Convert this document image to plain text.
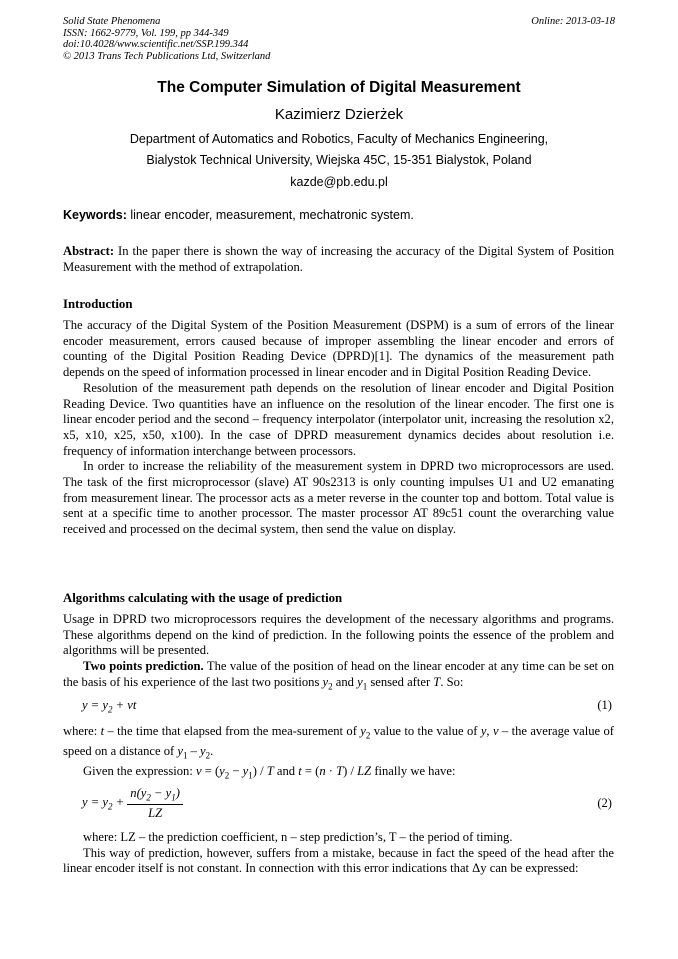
Solid State Phenomena
ISSN: 1662-9779, Vol. 199, pp 344-349
doi:10.4028/www.scientific.net/SSP.199.344
© 2013 Trans Tech Publications Ltd, Switzerland
Online: 2013-03-18
The Computer Simulation of Digital Measurement
Kazimierz Dzierżek
Department of Automatics and Robotics, Faculty of Mechanics Engineering,
Bialystok Technical University, Wiejska 45C, 15-351 Bialystok, Poland
kazde@pb.edu.pl
Keywords: linear encoder, measurement, mechatronic system.
Abstract: In the paper there is shown the way of increasing the accuracy of the Digital System of Position Measurement with the method of extrapolation.
Introduction

The accuracy of the Digital System of the Position Measurement (DSPM) is a sum of errors of the linear encoder measurement, errors caused because of improper assembling the linear encoder and errors of counting of the Digital Position Reading Device (DPRD)[1]. The dynamics of the measurement path depends on the speed of information processed in linear encoder and in Digital Position Reading Device.

Resolution of the measurement path depends on the resolution of linear encoder and Digital Position Reading Device. Two quantities have an influence on the resolution of the linear encoder. The first one is linear encoder period and the second – frequency interpolator (interpolator unit, increasing the resolution x2, x5, x10, x25, x50, x100). In the case of DPRD measurement dynamics decides about resolution i.e. frequency of information interchange between processors.

In order to increase the reliability of the measurement system in DPRD two microprocessors are used. The task of the first microprocessor (slave) AT 90s2313 is only counting impulses U1 and U2 emanating from measurement linear. The processor acts as a meter reverse in the counter top and bottom. Total value is sent at a specific time to another processor. The master processor AT 89c51 count the overarching value received and processed on the decimal system, then send the value on display.

Algorithms calculating with the usage of prediction

Usage in DPRD two microprocessors requires the development of the necessary algorithms and programs. These algorithms depend on the kind of prediction. In the following points the essence of the problem and algorithms will be presented.

Two points prediction. The value of the position of head on the linear encoder at any time can be set on the basis of his experience of the last two positions $y_2$ and $y_1$ sensed after T. So:

$y = y_2$ + vt	(1)

where: t – the time that elapsed from the mea-surement of $y_2$ value to the value of y, v – the average value of speed on a distance of $y_1 - y_2$.

Given the expression: $v = (y_2 - y_1) / T$ and t = (n · T) / LZ finally we have:

$y = y_2 + \frac{n(y_2 - y_1)}{LZ}$	(2)

where: LZ – the prediction coefficient, n – step prediction’s, T – the period of timing.

This way of prediction, however, suffers from a mistake, because in fact the speed of the head after the linear encoder itself is not constant. In connection with this error indications that Δy can be expressed:
